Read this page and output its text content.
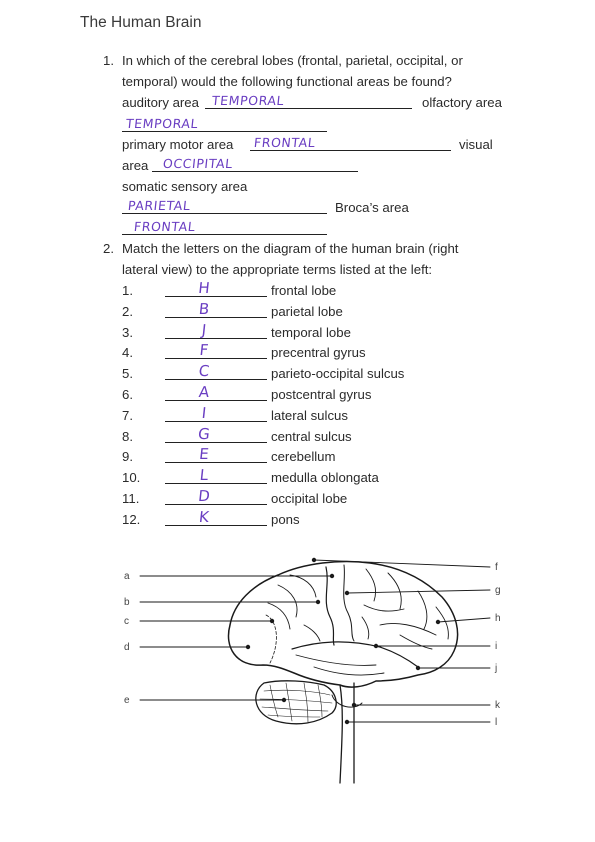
The Human Brain
1. In which of the cerebral lobes (frontal, parietal, occipital, or
temporal) would the following functional areas be found?
auditory area TEMPORAL	olfactory area
TEMPORAL
primary motor area FRONTAL	visual
area OCCIPITAL
somatic sensory area
PARIETAL	Broca’s area
FRONTAL
2. Match the letters on the diagram of the human brain (right
lateral view) to the appropriate terms listed at the left:
1.	H	frontal lobe
2.	B	parietal lobe
3.	J	temporal lobe
4.	F	precentral gyrus
5.	C	parieto-occipital sulcus
6.	A	postcentral gyrus
7.	I	lateral sulcus
8.	G	central sulcus
9.	E	cerebellum
10.	L	medulla oblongata
11.	D	occipital lobe
12.	K	pons
a
b
c
d
e
f
g
h
i
j
k
l
